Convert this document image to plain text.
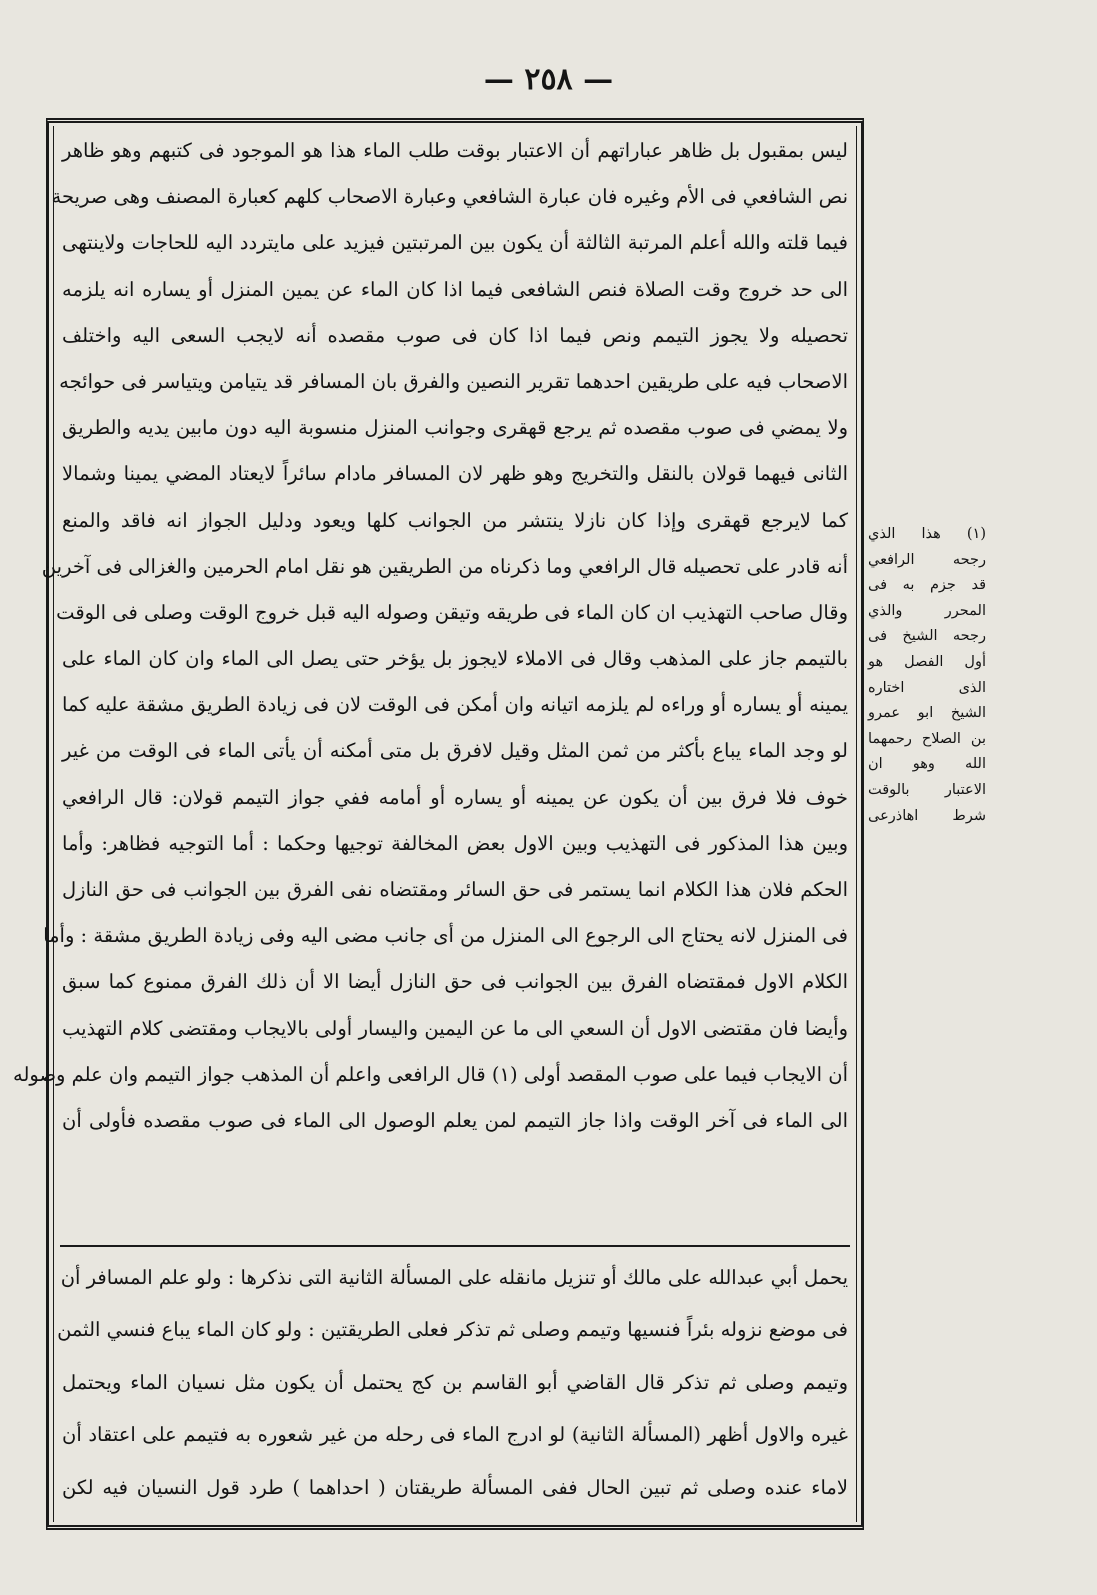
— ٢٥٨ —
ليس بمقبول بل ظاهر عباراتهم أن الاعتبار بوقت طلب الماء هذا هو الموجود فى كتبهم وهو ظاهر
نص الشافعي فى الأم وغيره فان عبارة الشافعي وعبارة الاصحاب كلهم كعبارة المصنف وهى صريحة
فيما قلته والله أعلم المرتبة الثالثة أن يكون بين المرتبتين فيزيد على مايتردد اليه للحاجات ولاينتهى
الى حد خروج وقت الصلاة فنص الشافعى فيما اذا كان الماء عن يمين المنزل أو يساره انه يلزمه
تحصيله ولا يجوز التيمم ونص فيما اذا كان فى صوب مقصده أنه لايجب السعى اليه واختلف
الاصحاب فيه على طريقين احدهما تقرير النصين والفرق بان المسافر قد يتيامن ويتياسر فى حوائجه
ولا يمضي فى صوب مقصده ثم يرجع قهقرى وجوانب المنزل منسوبة اليه دون مابين يديه والطريق
الثانى فيهما قولان بالنقل والتخريج وهو ظهر لان المسافر مادام سائراً لايعتاد المضي يمينا وشمالا
كما لايرجع قهقرى وإذا كان نازلا ينتشر من الجوانب كلها ويعود ودليل الجواز انه فاقد والمنع
أنه قادر على تحصيله قال الرافعي وما ذكرناه من الطريقين هو نقل امام الحرمين والغزالى فى آخرين
وقال صاحب التهذيب ان كان الماء فى طريقه وتيقن وصوله اليه قبل خروج الوقت وصلى فى الوقت
بالتيمم جاز على المذهب وقال فى الاملاء لايجوز بل يؤخر حتى يصل الى الماء وان كان الماء على
يمينه أو يساره أو وراءه لم يلزمه اتيانه وان أمكن فى الوقت لان فى زيادة الطريق مشقة عليه كما
لو وجد الماء يباع بأكثر من ثمن المثل وقيل لافرق بل متى أمكنه أن يأتى الماء فى الوقت من غير
خوف فلا فرق بين أن يكون عن يمينه أو يساره أو أمامه ففي جواز التيمم قولان: قال الرافعي
وبين هذا المذكور فى التهذيب وبين الاول بعض المخالفة توجيها وحكما : أما التوجيه فظاهر: وأما
الحكم فلان هذا الكلام انما يستمر فى حق السائر ومقتضاه نفى الفرق بين الجوانب فى حق النازل
فى المنزل لانه يحتاج الى الرجوع الى المنزل من أى جانب مضى اليه وفى زيادة الطريق مشقة : وأما
الكلام الاول فمقتضاه الفرق بين الجوانب فى حق النازل أيضا الا أن ذلك الفرق ممنوع كما سبق
وأيضا فان مقتضى الاول أن السعي الى ما عن اليمين واليسار أولى بالايجاب ومقتضى كلام التهذيب
أن الايجاب فيما على صوب المقصد أولى (١) قال الرافعى واعلم أن المذهب جواز التيمم وان علم وصوله
الى الماء فى آخر الوقت واذا جاز التيمم لمن يعلم الوصول الى الماء فى صوب مقصده فأولى أن
يحمل أبي عبدالله على مالك أو تنزيل مانقله على المسألة الثانية التى نذكرها : ولو علم المسافر أن
فى موضع نزوله بئراً فنسيها وتيمم وصلى ثم تذكر فعلى الطريقتين : ولو كان الماء يباع فنسي الثمن
وتيمم وصلى ثم تذكر قال القاضي أبو القاسم بن كج يحتمل أن يكون مثل نسيان الماء ويحتمل
غيره والاول أظهر (المسألة الثانية) لو ادرج الماء فى رحله من غير شعوره به فتيمم على اعتقاد أن
لاماء عنده وصلى ثم تبين الحال ففى المسألة طريقتان ( احداهما ) طرد قول النسيان فيه لكن
(١) هذا الذي
رجحه الرافعي
قد جزم به فى
المحرر والذي
رجحه الشيخ فى
أول الفصل هو
الذى اختاره
الشيخ ابو عمرو
بن الصلاح رحمهما
الله وهو ان
الاعتبار بالوقت
شرط اهاذرعى
